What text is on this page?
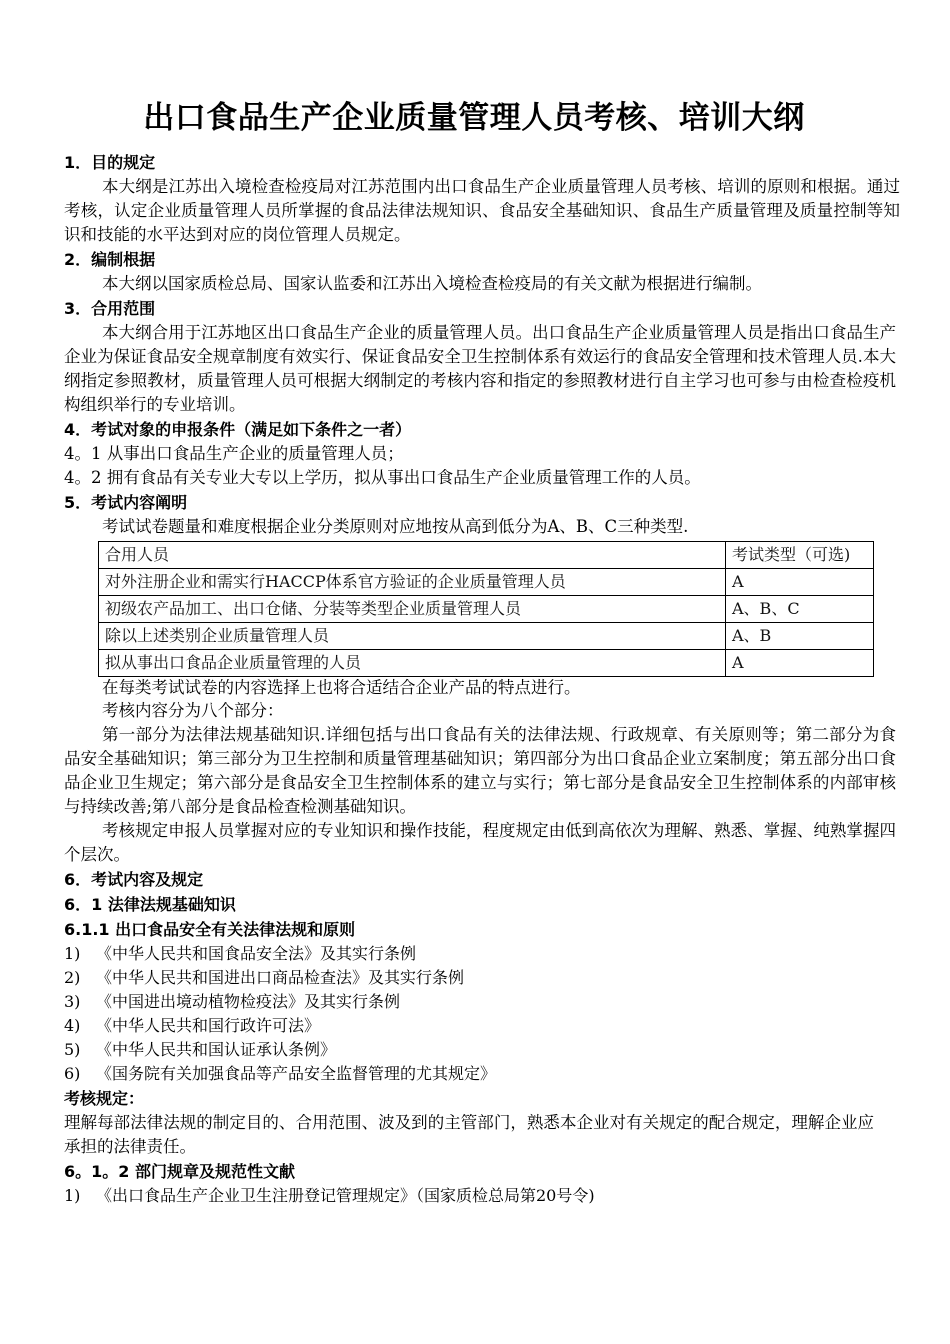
出口食品生产企业质量管理人员考核、培训大纲

1．目的规定

本大纲是江苏出入境检查检疫局对江苏范围内出口食品生产企业质量管理人员考核、培训的原则和根据。通过考核，认定企业质量管理人员所掌握的食品法律法规知识、食品安全基础知识、食品生产质量管理及质量控制等知识和技能的水平达到对应的岗位管理人员规定。

2．编制根据

本大纲以国家质检总局、国家认监委和江苏出入境检查检疫局的有关文献为根据进行编制。

3．合用范围

本大纲合用于江苏地区出口食品生产企业的质量管理人员。出口食品生产企业质量管理人员是指出口食品生产企业为保证食品安全规章制度有效实行、保证食品安全卫生控制体系有效运行的食品安全管理和技术管理人员.本大纲指定参照教材，质量管理人员可根据大纲制定的考核内容和指定的参照教材进行自主学习也可参与由检查检疫机构组织举行的专业培训。

4．考试对象的申报条件（满足如下条件之一者）

4。1 从事出口食品生产企业的质量管理人员；

4。2 拥有食品有关专业大专以上学历，拟从事出口食品生产企业质量管理工作的人员。

5．考试内容阐明

考试试卷题量和难度根据企业分类原则对应地按从高到低分为A、B、C三种类型.

合用人员	考试类型（可选)
对外注册企业和需实行HACCP体系官方验证的企业质量管理人员	A
初级农产品加工、出口仓储、分装等类型企业质量管理人员	A、B、C
除以上述类别企业质量管理人员	A、B
拟从事出口食品企业质量管理的人员	A

在每类考试试卷的内容选择上也将合适结合企业产品的特点进行。

考核内容分为八个部分：

第一部分为法律法规基础知识.详细包括与出口食品有关的法律法规、行政规章、有关原则等；第二部分为食品安全基础知识；第三部分为卫生控制和质量管理基础知识；第四部分为出口食品企业立案制度；第五部分出口食品企业卫生规定；第六部分是食品安全卫生控制体系的建立与实行；第七部分是食品安全卫生控制体系的内部审核与持续改善;第八部分是食品检查检测基础知识。

考核规定申报人员掌握对应的专业知识和操作技能，程度规定由低到高依次为理解、熟悉、掌握、纯熟掌握四个层次。

6．考试内容及规定

6．1 法律法规基础知识

6.1.1 出口食品安全有关法律法规和原则

1) 《中华人民共和国食品安全法》及其实行条例

2) 《中华人民共和国进出口商品检查法》及其实行条例

3) 《中国进出境动植物检疫法》及其实行条例

4) 《中华人民共和国行政许可法》

5) 《中华人民共和国认证承认条例》

6) 《国务院有关加强食品等产品安全监督管理的尤其规定》

考核规定：

理解每部法律法规的制定目的、合用范围、波及到的主管部门，熟悉本企业对有关规定的配合规定，理解企业应承担的法律责任。

6。1。2 部门规章及规范性文献

1) 《出口食品生产企业卫生注册登记管理规定》（国家质检总局第20号令)
